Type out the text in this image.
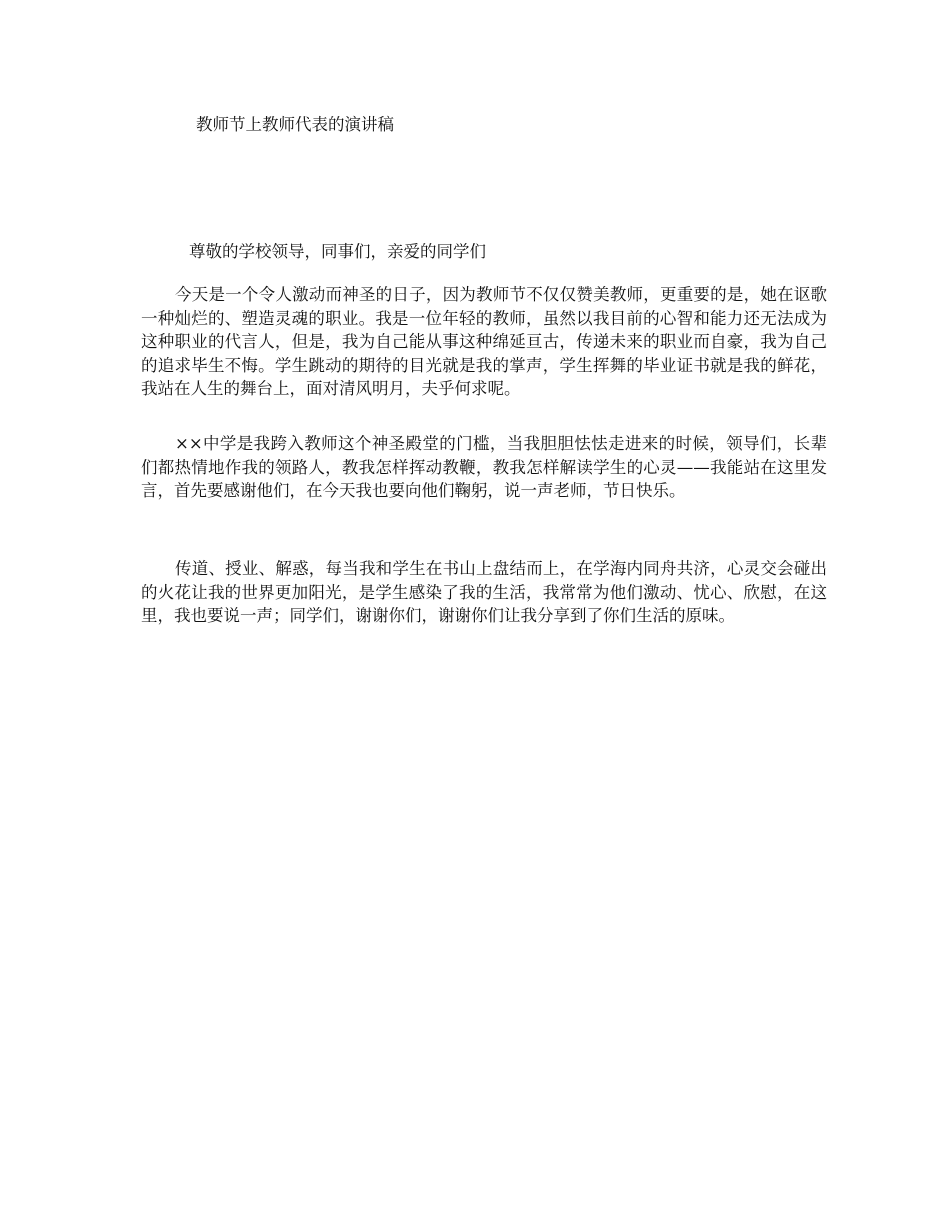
教师节上教师代表的演讲稿
尊敬的学校领导，同事们，亲爱的同学们

今天是一个令人激动而神圣的日子，因为教师节不仅仅赞美教师，更重要的是，她在讴歌一种灿烂的、塑造灵魂的职业。我是一位年轻的教师，虽然以我目前的心智和能力还无法成为这种职业的代言人，但是，我为自己能从事这种绵延亘古，传递未来的职业而自豪，我为自己的追求毕生不悔。学生跳动的期待的目光就是我的掌声，学生挥舞的毕业证书就是我的鲜花，我站在人生的舞台上，面对清风明月，夫乎何求呢。

××中学是我跨入教师这个神圣殿堂的门槛，当我胆胆怯怯走进来的时候，领导们，长辈们都热情地作我的领路人，教我怎样挥动教鞭，教我怎样解读学生的心灵——我能站在这里发言，首先要感谢他们，在今天我也要向他们鞠躬，说一声老师，节日快乐。

传道、授业、解惑，每当我和学生在书山上盘结而上，在学海内同舟共济，心灵交会碰出的火花让我的世界更加阳光，是学生感染了我的生活，我常常为他们激动、忧心、欣慰，在这里，我也要说一声；同学们，谢谢你们，谢谢你们让我分享到了你们生活的原味。
